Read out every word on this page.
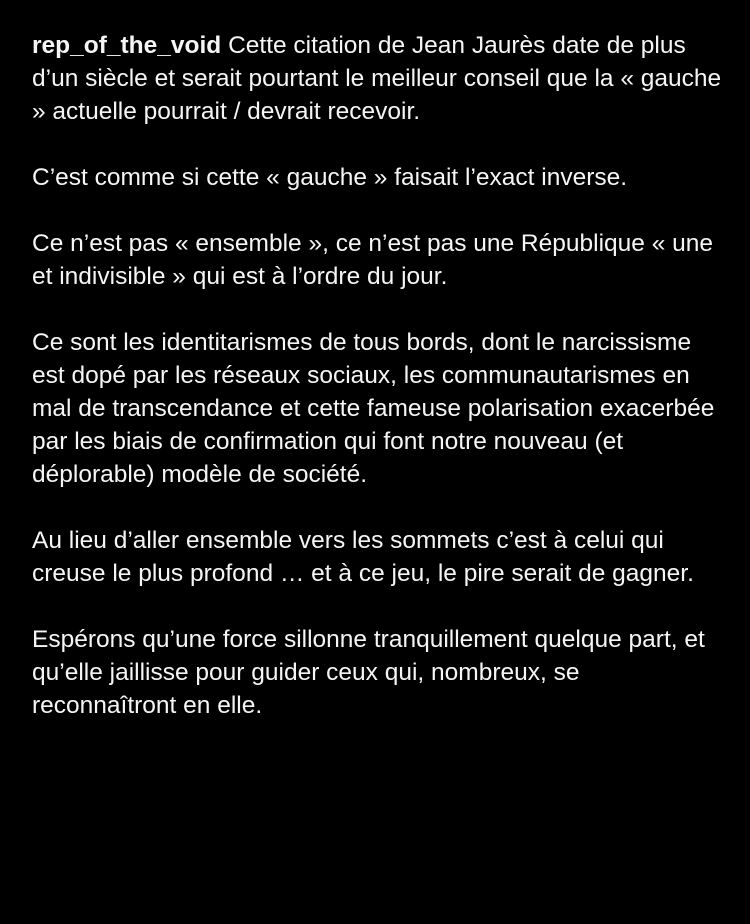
rep_of_the_void Cette citation de Jean Jaurès date de plus d’un siècle et serait pourtant le meilleur conseil que la « gauche » actuelle pourrait / devrait recevoir.

C’est comme si cette « gauche » faisait l’exact inverse.

Ce n’est pas « ensemble », ce n’est pas une République « une et indivisible » qui est à l’ordre du jour.

Ce sont les identitarismes de tous bords, dont le narcissisme est dopé par les réseaux sociaux, les communautarismes en mal de transcendance et cette fameuse polarisation exacerbée par les biais de confirmation qui font notre nouveau (et déplorable) modèle de société.

Au lieu d’aller ensemble vers les sommets c’est à celui qui creuse le plus profond … et à ce jeu, le pire serait de gagner.

Espérons qu’une force sillonne tranquillement quelque part, et qu’elle jaillisse pour guider ceux qui, nombreux, se reconnaîtront en elle.
